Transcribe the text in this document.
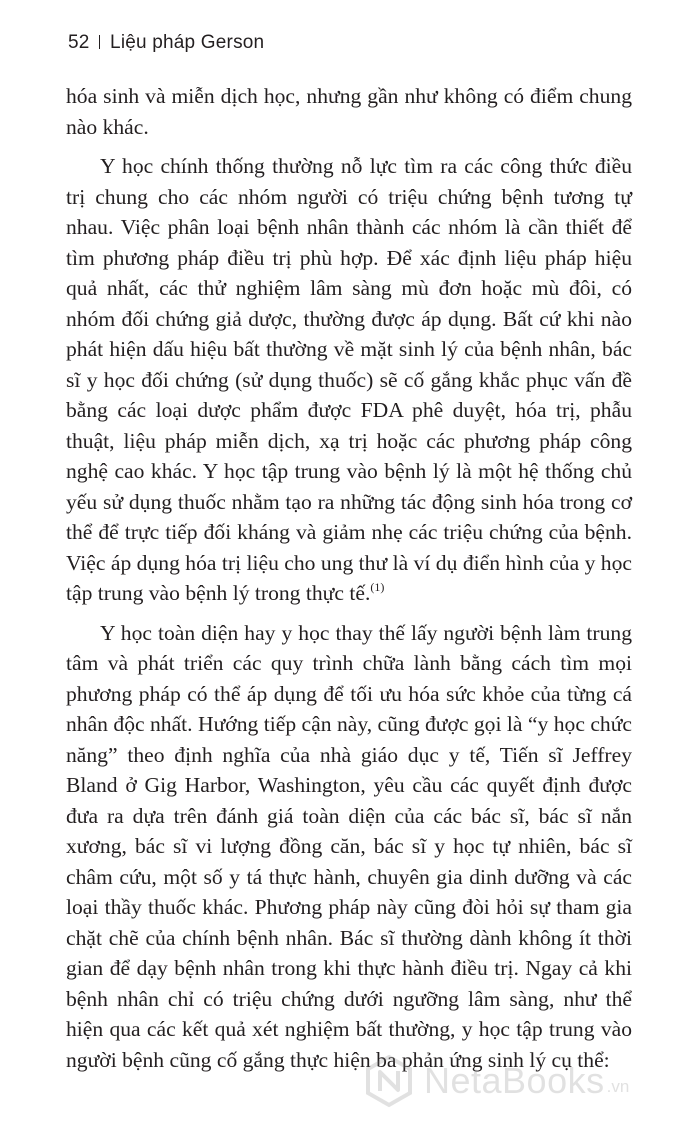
52 Liệu pháp Gerson

hóa sinh và miễn dịch học, nhưng gần như không có điểm chung nào khác.

Y học chính thống thường nỗ lực tìm ra các công thức điều trị chung cho các nhóm người có triệu chứng bệnh tương tự nhau. Việc phân loại bệnh nhân thành các nhóm là cần thiết để tìm phương pháp điều trị phù hợp. Để xác định liệu pháp hiệu quả nhất, các thử nghiệm lâm sàng mù đơn hoặc mù đôi, có nhóm đối chứng giả dược, thường được áp dụng. Bất cứ khi nào phát hiện dấu hiệu bất thường về mặt sinh lý của bệnh nhân, bác sĩ y học đối chứng (sử dụng thuốc) sẽ cố gắng khắc phục vấn đề bằng các loại dược phẩm được FDA phê duyệt, hóa trị, phẫu thuật, liệu pháp miễn dịch, xạ trị hoặc các phương pháp công nghệ cao khác. Y học tập trung vào bệnh lý là một hệ thống chủ yếu sử dụng thuốc nhằm tạo ra những tác động sinh hóa trong cơ thể để trực tiếp đối kháng và giảm nhẹ các triệu chứng của bệnh. Việc áp dụng hóa trị liệu cho ung thư là ví dụ điển hình của y học tập trung vào bệnh lý trong thực tế.$^{(1)}$

Y học toàn diện hay y học thay thế lấy người bệnh làm trung tâm và phát triển các quy trình chữa lành bằng cách tìm mọi phương pháp có thể áp dụng để tối ưu hóa sức khỏe của từng cá nhân độc nhất. Hướng tiếp cận này, cũng được gọi là “y học chức năng” theo định nghĩa của nhà giáo dục y tế, Tiến sĩ Jeffrey Bland ở Gig Harbor, Washington, yêu cầu các quyết định được đưa ra dựa trên đánh giá toàn diện của các bác sĩ, bác sĩ nắn xương, bác sĩ vi lượng đồng căn, bác sĩ y học tự nhiên, bác sĩ châm cứu, một số y tá thực hành, chuyên gia dinh dưỡng và các loại thầy thuốc khác. Phương pháp này cũng đòi hỏi sự tham gia chặt chẽ của chính bệnh nhân. Bác sĩ thường dành không ít thời gian để dạy bệnh nhân trong khi thực hành điều trị. Ngay cả khi bệnh nhân chỉ có triệu chứng dưới ngưỡng lâm sàng, như thể hiện qua các kết quả xét nghiệm bất thường, y học tập trung vào người bệnh cũng cố gắng thực hiện ba phản ứng sinh lý cụ thể:

NetaBooks .vn
